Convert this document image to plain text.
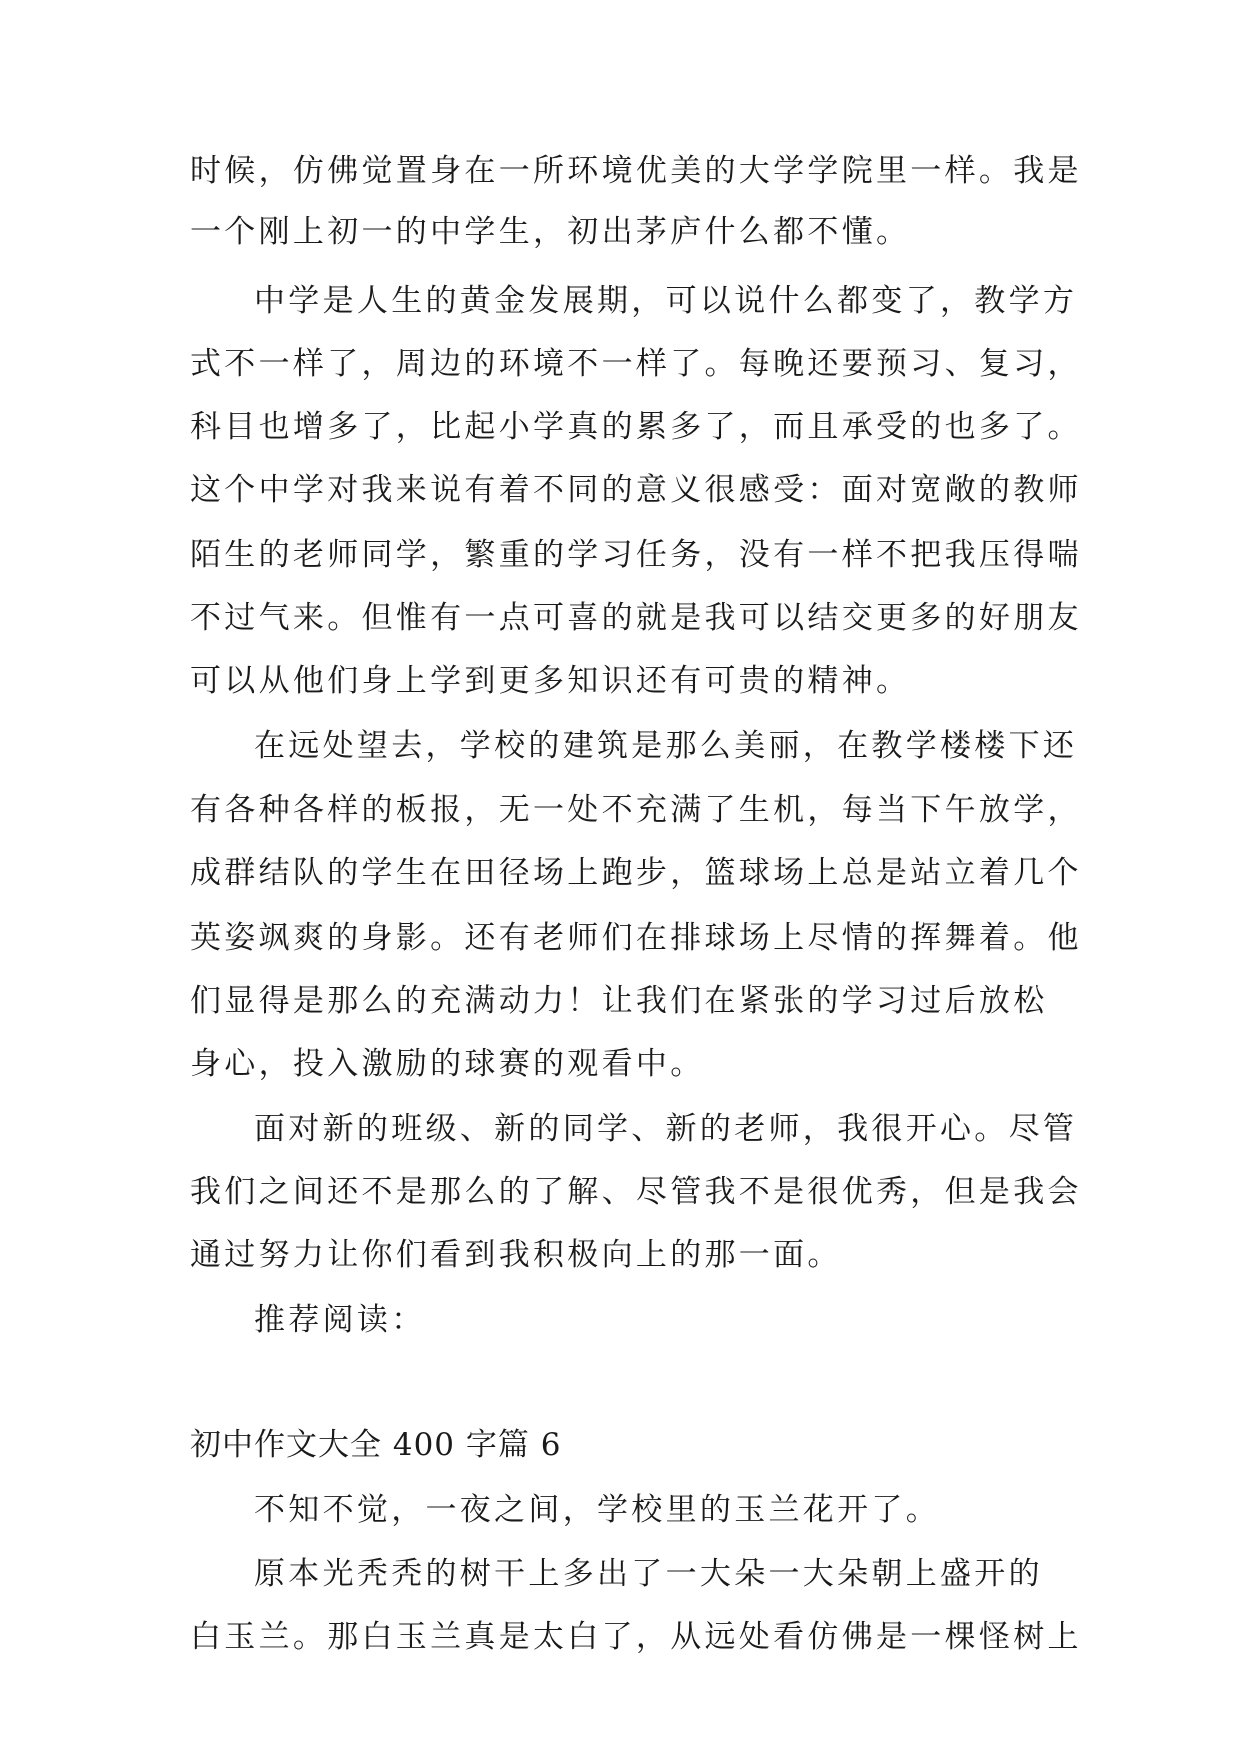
时候，仿佛觉置身在一所环境优美的大学学院里一样。我是
一个刚上初一的中学生，初出茅庐什么都不懂。
中学是人生的黄金发展期，可以说什么都变了，教学方
式不一样了，周边的环境不一样了。每晚还要预习、复习，
科目也增多了，比起小学真的累多了，而且承受的也多了。
这个中学对我来说有着不同的意义很感受：面对宽敞的教师
陌生的老师同学，繁重的学习任务，没有一样不把我压得喘
不过气来。但惟有一点可喜的就是我可以结交更多的好朋友
可以从他们身上学到更多知识还有可贵的精神。
在远处望去，学校的建筑是那么美丽，在教学楼楼下还
有各种各样的板报，无一处不充满了生机，每当下午放学，
成群结队的学生在田径场上跑步，篮球场上总是站立着几个
英姿飒爽的身影。还有老师们在排球场上尽情的挥舞着。他
们显得是那么的充满动力！让我们在紧张的学习过后放松
身心，投入激励的球赛的观看中。
面对新的班级、新的同学、新的老师，我很开心。尽管
我们之间还不是那么的了解、尽管我不是很优秀，但是我会
通过努力让你们看到我积极向上的那一面。
推荐阅读：
初中作文大全 400 字篇 6
不知不觉，一夜之间，学校里的玉兰花开了。
原本光秃秃的树干上多出了一大朵一大朵朝上盛开的
白玉兰。那白玉兰真是太白了，从远处看仿佛是一棵怪树上
